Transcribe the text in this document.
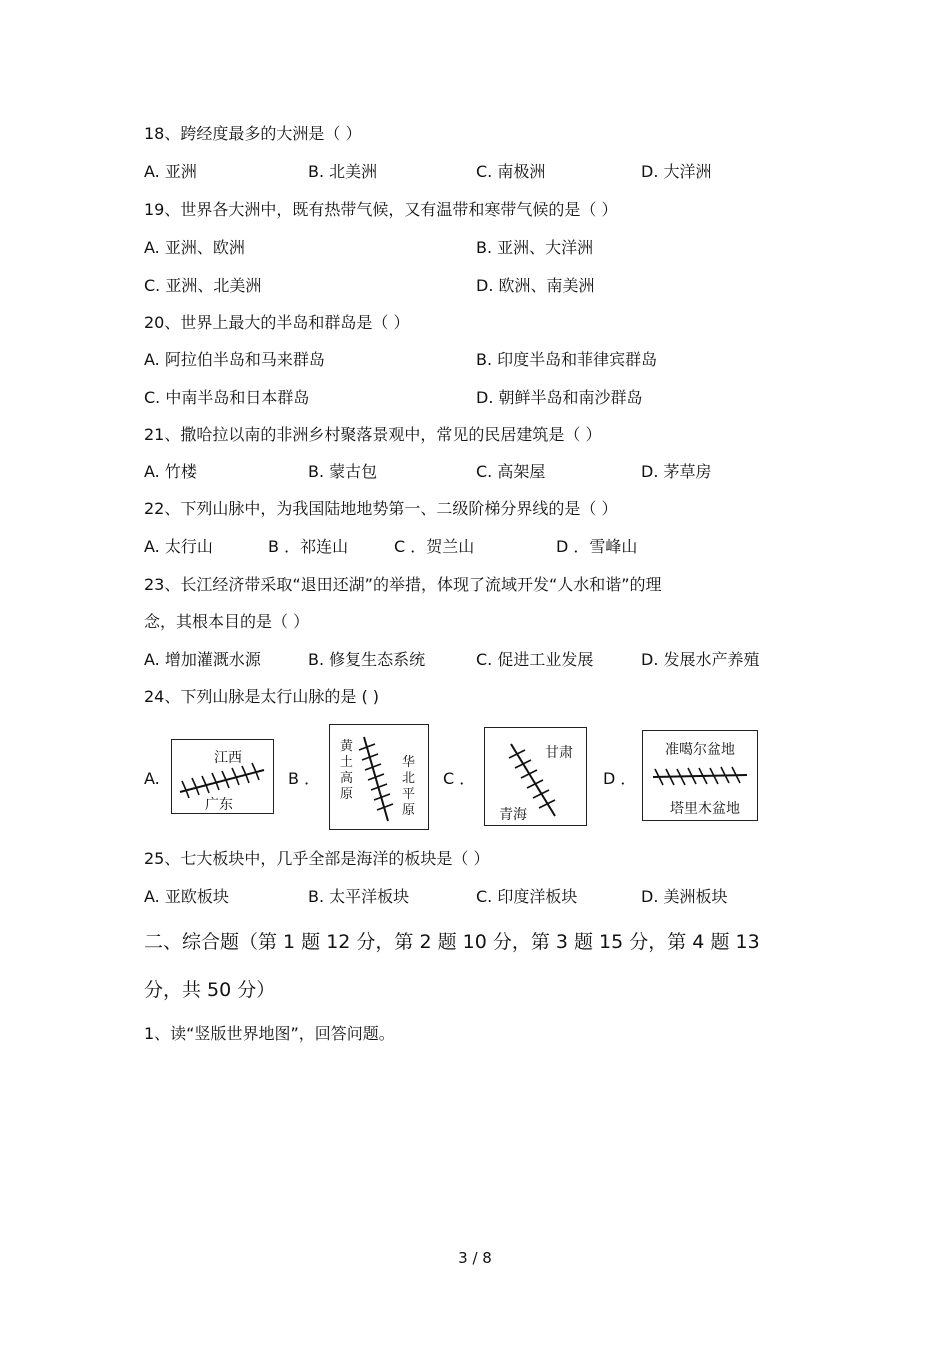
18、跨经度最多的大洲是（ ）
A. 亚洲	B. 北美洲	C. 南极洲	D. 大洋洲
19、世界各大洲中，既有热带气候，又有温带和寒带气候的是（ ）
A. 亚洲、欧洲	B. 亚洲、大洋洲
C. 亚洲、北美洲	D. 欧洲、南美洲
20、世界上最大的半岛和群岛是（ ）
A. 阿拉伯半岛和马来群岛	B. 印度半岛和菲律宾群岛
C. 中南半岛和日本群岛	D. 朝鲜半岛和南沙群岛
21、撒哈拉以南的非洲乡村聚落景观中，常见的民居建筑是（ ）
A. 竹楼	B. 蒙古包	C. 高架屋	D. 茅草房
22、下列山脉中，为我国陆地地势第一、二级阶梯分界线的是（ ）
A. 太行山	B ．祁连山	C ．贺兰山	D ．雪峰山
23、长江经济带采取“退田还湖”的举措，体现了流域开发“人水和谐”的理
念，其根本目的是（ ）
A. 增加灌溉水源	B. 修复生态系统	C. 促进工业发展	D. 发展水产养殖
24、下列山脉是太行山脉的是 ( )
A.
江西
广东
B ．
黄土高原
华北平原
C ．
甘肃
青海
D ．
准噶尔盆地
塔里木盆地
25、七大板块中，几乎全部是海洋的板块是（ ）
A. 亚欧板块	B. 太平洋板块	C. 印度洋板块	D. 美洲板块
二、综合题（第 1 题 12 分，第 2 题 10 分，第 3 题 15 分，第 4 题 13
分，共 50 分）
1、读“竖版世界地图”，回答问题。
3 / 8
